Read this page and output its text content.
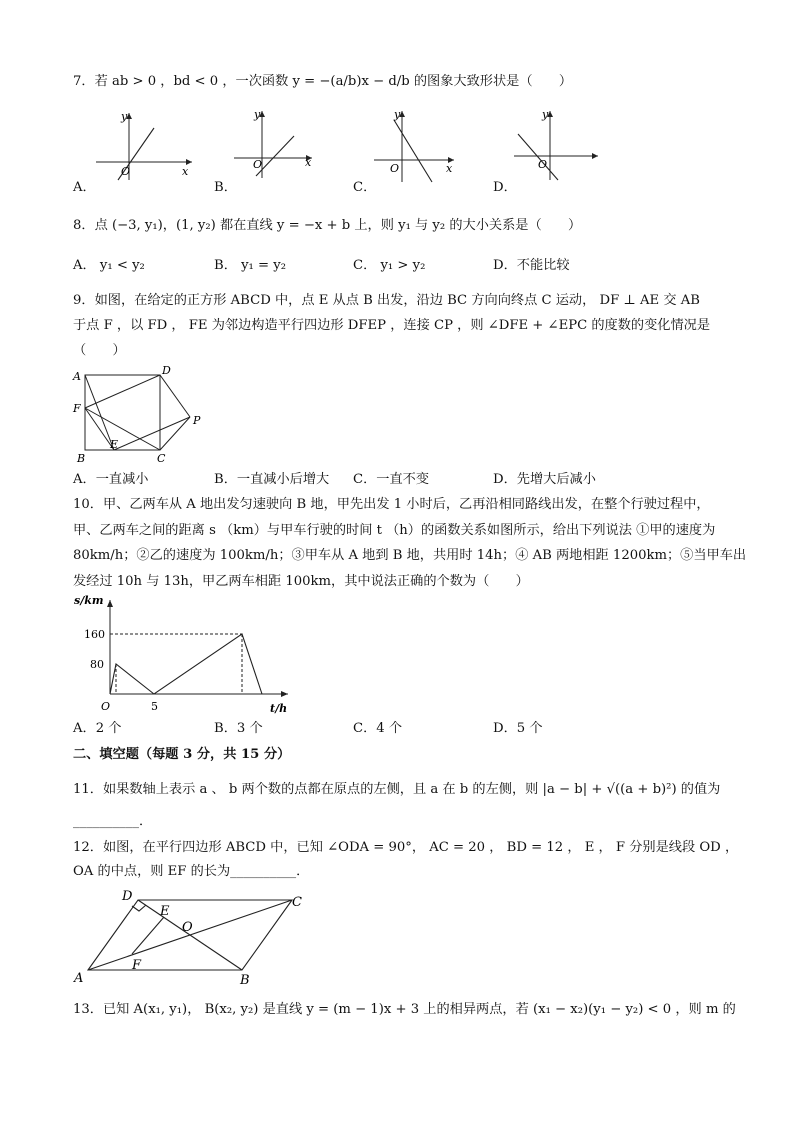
7．若 ab > 0 ，bd < 0 ，一次函数 y = −(a/b)x − d/b 的图象大致形状是（　　）
y
x
O
A．
y
x
O
B．
y
x
O
C．
y
O
D．
8．点 (−3, y₁)，(1, y₂) 都在直线 y = −x + b 上，则 y₁ 与 y₂ 的大小关系是（　　）
A． y₁ < y₂	B． y₁ = y₂	C． y₁ > y₂	D．不能比较
9．如图，在给定的正方形 ABCD 中，点 E 从点 B 出发，沿边 BC 方向向终点 C 运动， DF ⊥ AE 交 AB
于点 F ，以 FD ， FE 为邻边构造平行四边形 DFEP ，连接 CP ，则 ∠DFE + ∠EPC 的度数的变化情况是
（　　）
A	D
F
P
B
E
C
A．一直减小	B．一直减小后增大 C．一直不变	D．先增大后减小
10．甲、乙两车从 A 地出发匀速驶向 B 地，甲先出发 1 小时后，乙再沿相同路线出发，在整个行驶过程中，
甲、乙两车之间的距离 s （km）与甲车行驶的时间 t （h）的函数关系如图所示，给出下列说法 ①甲的速度为
80km/h；②乙的速度为 100km/h；③甲车从 A 地到 B 地，共用时 14h；④ AB 两地相距 1200km；⑤当甲车出
发经过 10h 与 13h，甲乙两车相距 100km，其中说法正确的个数为（　　）
s/km
t/h
160
80
O	5
A．2 个	B．3 个	C．4 个	D．5 个
二、填空题（每题 3 分，共 15 分）
11．如果数轴上表示 a 、 b 两个数的点都在原点的左侧，且 a 在 b 的左侧，则 |a − b| + √((a + b)²) 的值为
__________．
12．如图，在平行四边形 ABCD 中，已知 ∠ODA = 90°， AC = 20 ， BD = 12 ， E ， F 分别是线段 OD ，
OA 的中点，则 EF 的长为__________．
A	B
C
D
E
F
O
13．已知 A(x₁, y₁)， B(x₂, y₂) 是直线 y = (m − 1)x + 3 上的相异两点，若 (x₁ − x₂)(y₁ − y₂) < 0 ，则 m 的
